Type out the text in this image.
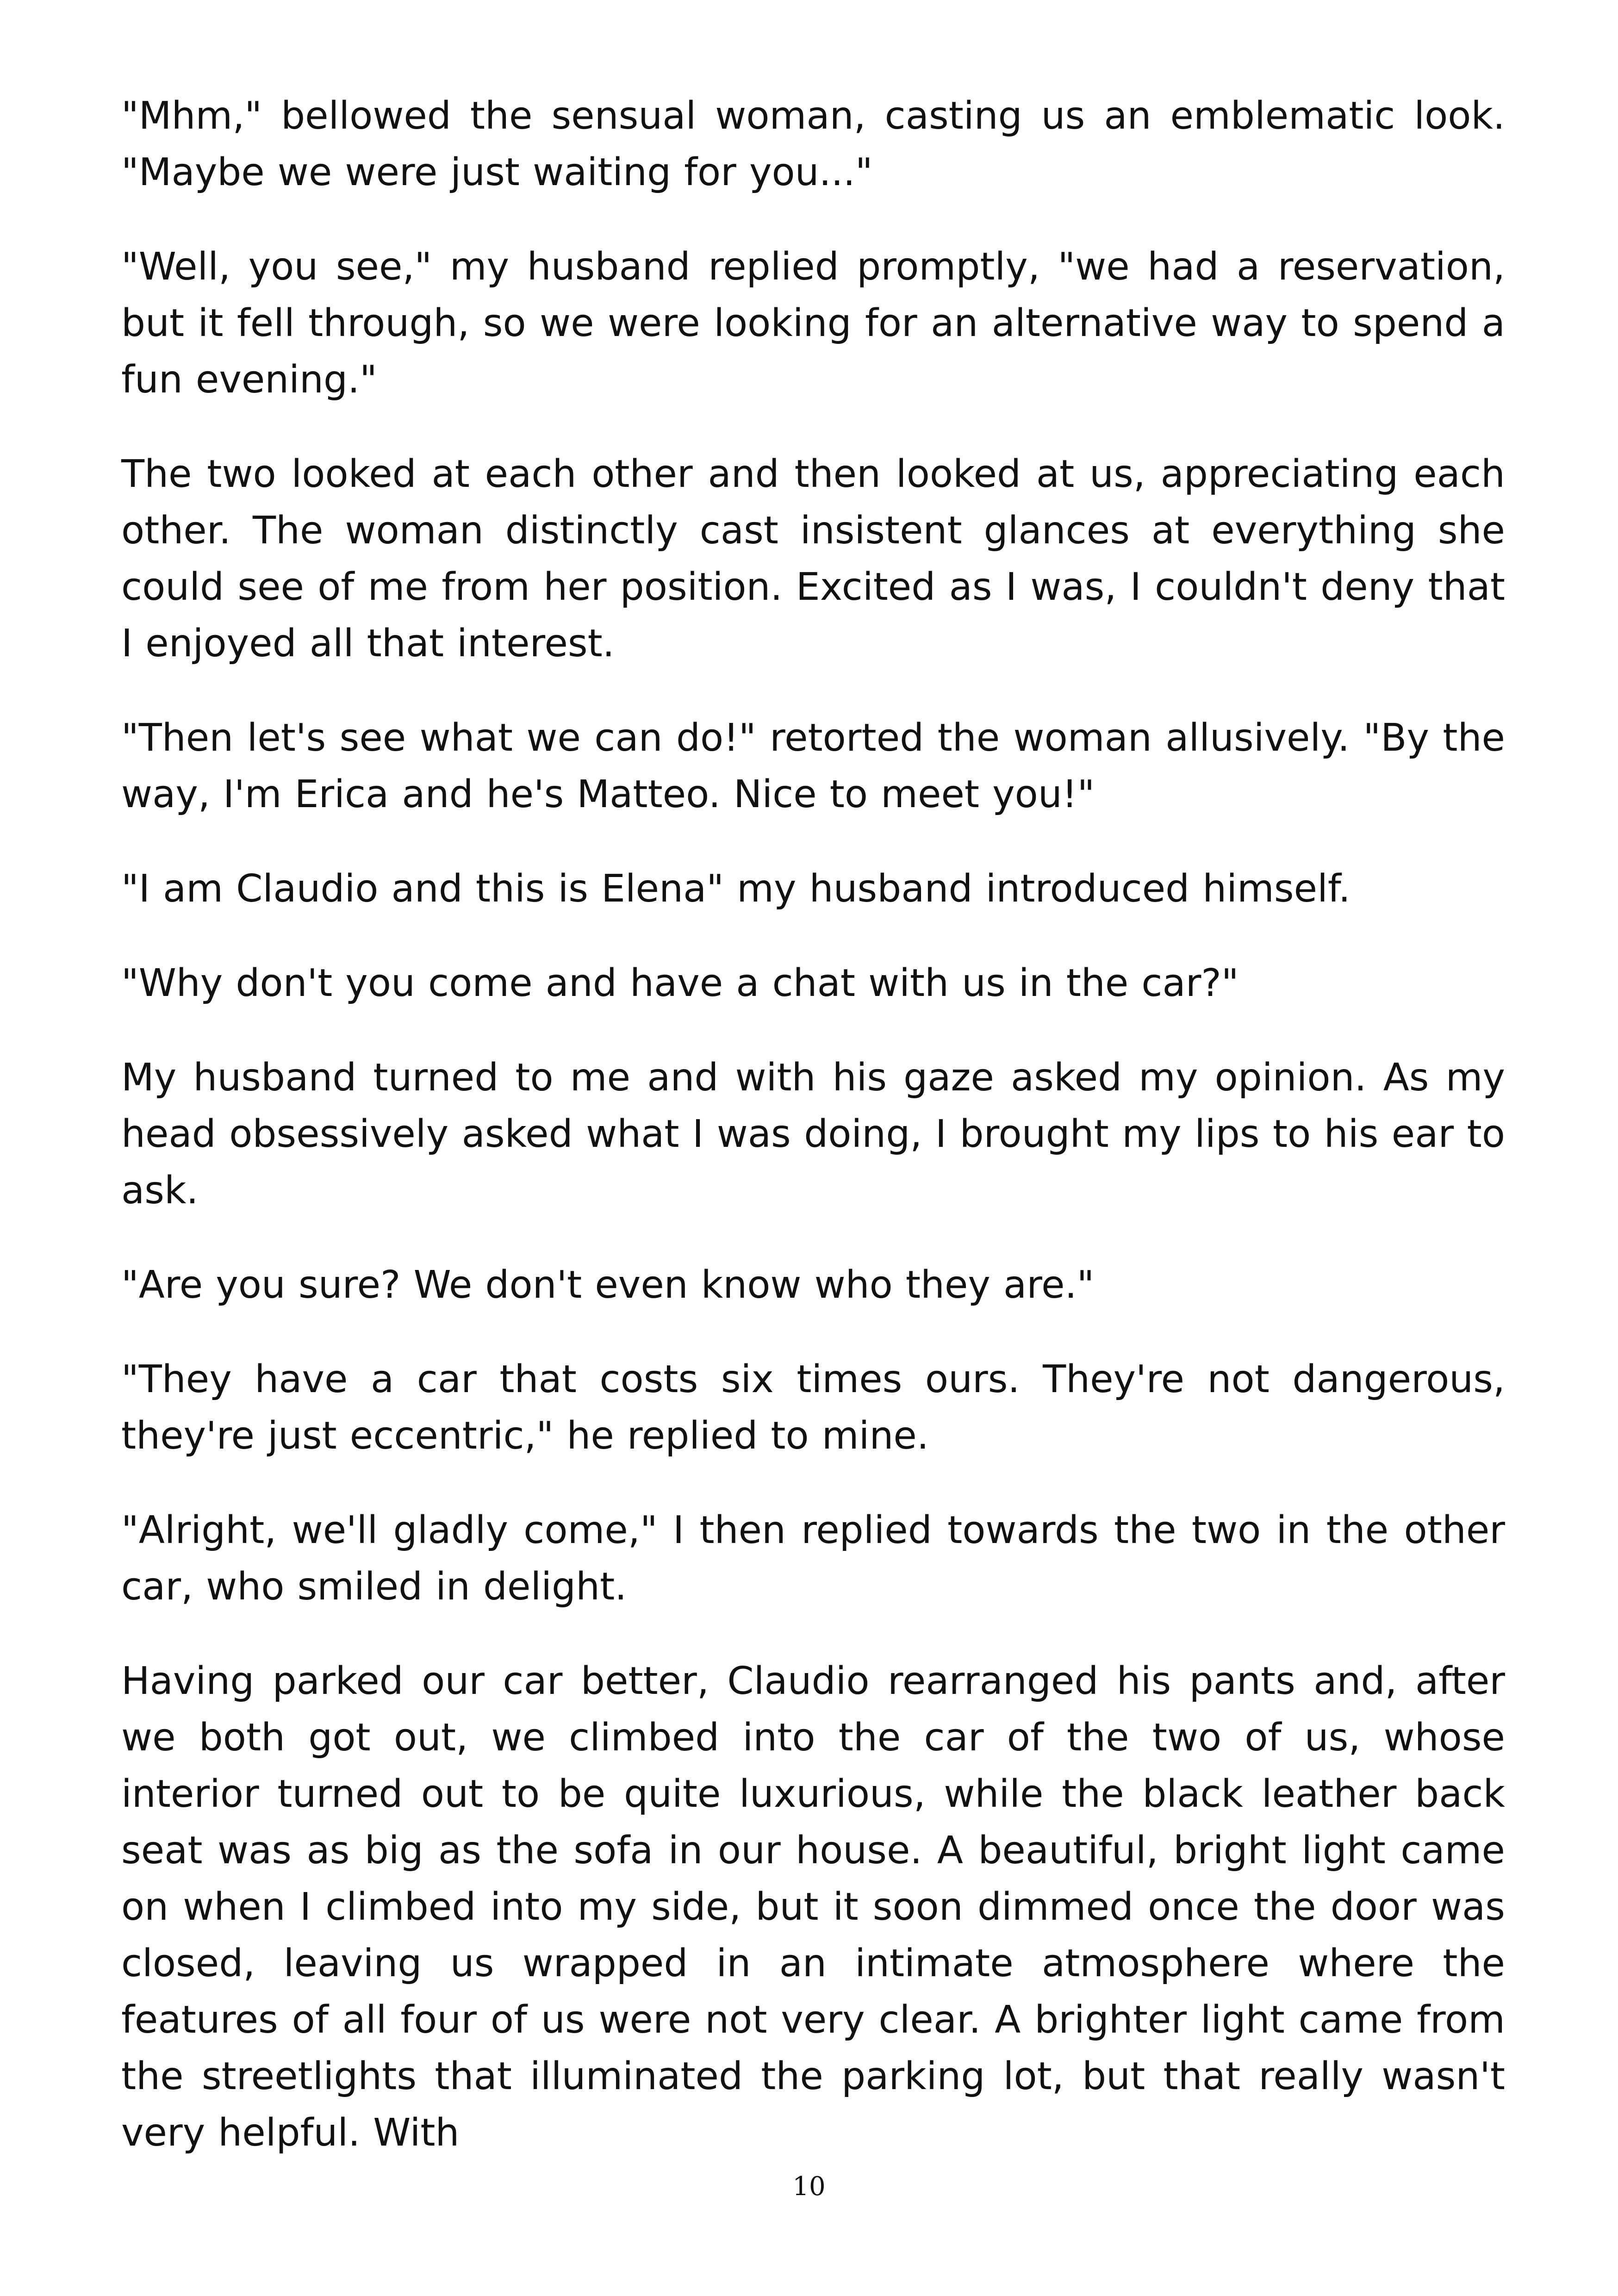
"Mhm," bellowed the sensual woman, casting us an emblematic look. "Maybe we were just waiting for you..."

"Well, you see," my husband replied promptly, "we had a reservation, but it fell through, so we were looking for an alternative way to spend a fun evening."

The two looked at each other and then looked at us, appreciating each other. The woman distinctly cast insistent glances at everything she could see of me from her position. Excited as I was, I couldn't deny that I enjoyed all that interest.

"Then let's see what we can do!" retorted the woman allusively. "By the way, I'm Erica and he's Matteo. Nice to meet you!"

"I am Claudio and this is Elena" my husband introduced himself.

"Why don't you come and have a chat with us in the car?"

My husband turned to me and with his gaze asked my opinion. As my head obsessively asked what I was doing, I brought my lips to his ear to ask.

"Are you sure? We don't even know who they are."

"They have a car that costs six times ours. They're not dangerous, they're just eccentric," he replied to mine.

"Alright, we'll gladly come," I then replied towards the two in the other car, who smiled in delight.

Having parked our car better, Claudio rearranged his pants and, after we both got out, we climbed into the car of the two of us, whose interior turned out to be quite luxurious, while the black leather back seat was as big as the sofa in our house. A beautiful, bright light came on when I climbed into my side, but it soon dimmed once the door was closed, leaving us wrapped in an intimate atmosphere where the features of all four of us were not very clear. A brighter light came from the streetlights that illuminated the parking lot, but that really wasn't very helpful. With

10
